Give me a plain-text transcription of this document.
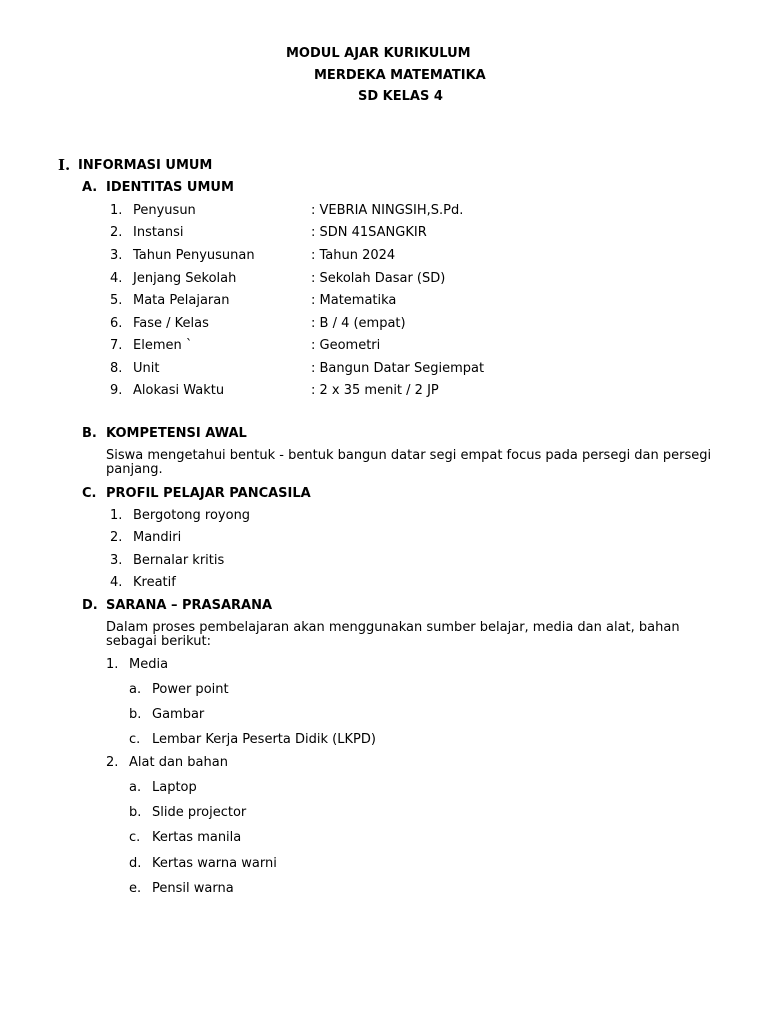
MODUL AJAR KURIKULUM
MERDEKA MATEMATIKA
SD KELAS 4
I. INFORMASI UMUM
A. IDENTITAS UMUM
1. Penyusun	: VEBRIA NINGSIH,S.Pd.
2. Instansi	: SDN 41SANGKIR
3. Tahun Penyusunan	: Tahun 2024
4. Jenjang Sekolah	: Sekolah Dasar (SD)
5. Mata Pelajaran	: Matematika
6. Fase / Kelas	: B / 4 (empat)
7. Elemen `	: Geometri
8. Unit	: Bangun Datar Segiempat
9. Alokasi Waktu	: 2 x 35 menit / 2 JP
B. KOMPETENSI AWAL
Siswa mengetahui bentuk - bentuk bangun datar segi empat focus pada persegi dan persegi panjang.
C. PROFIL PELAJAR PANCASILA
1. Bergotong royong
2. Mandiri
3. Bernalar kritis
4. Kreatif
D. SARANA – PRASARANA
Dalam proses pembelajaran akan menggunakan sumber belajar, media dan alat, bahan sebagai berikut:
1. Media
a. Power point
b. Gambar
c. Lembar Kerja Peserta Didik (LKPD)
2. Alat dan bahan
a. Laptop
b. Slide projector
c. Kertas manila
d. Kertas warna warni
e. Pensil warna
